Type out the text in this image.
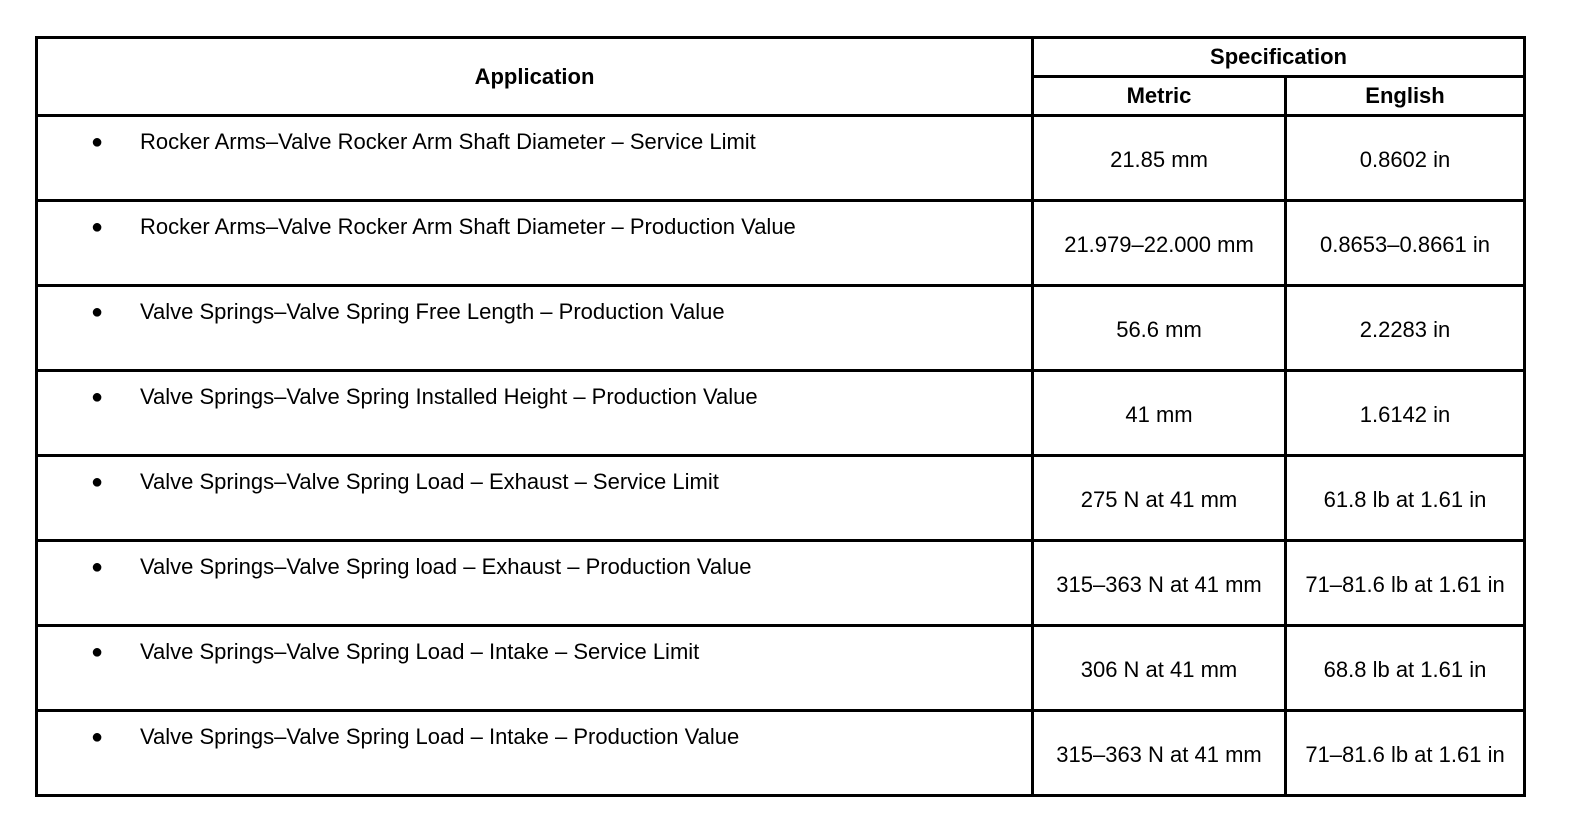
Application	Specification	
	Metric	English

● Rocker Arms–Valve Rocker Arm Shaft Diameter – Service Limit	21.85 mm	0.8602 in

● Rocker Arms–Valve Rocker Arm Shaft Diameter – Production Value	21.979–22.000 mm	0.8653–0.8661 in

● Valve Springs–Valve Spring Free Length – Production Value	56.6 mm	2.2283 in

● Valve Springs–Valve Spring Installed Height – Production Value	41 mm	1.6142 in

● Valve Springs–Valve Spring Load – Exhaust – Service Limit	275 N at 41 mm	61.8 lb at 1.61 in

● Valve Springs–Valve Spring load – Exhaust – Production Value	315–363 N at 41 mm	71–81.6 lb at 1.61 in

● Valve Springs–Valve Spring Load – Intake – Service Limit	306 N at 41 mm	68.8 lb at 1.61 in

● Valve Springs–Valve Spring Load – Intake – Production Value	315–363 N at 41 mm	71–81.6 lb at 1.61 in
